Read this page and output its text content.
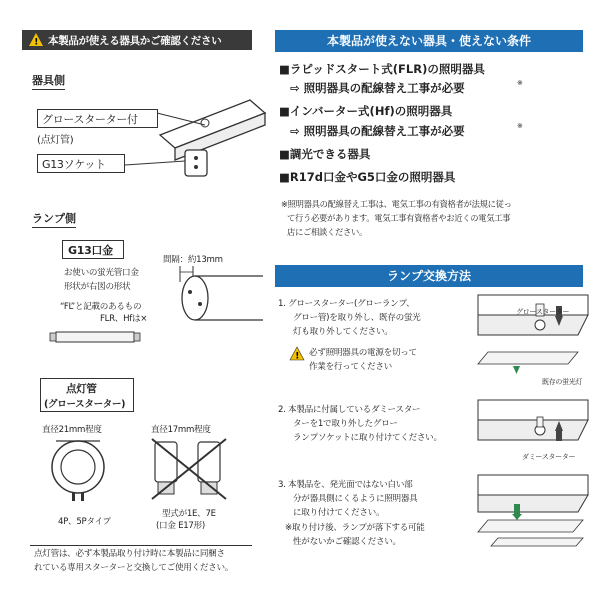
! 本製品が使える器具かご確認ください
器具側
グロースターター付
(点灯管)
G13ソケット
ランプ側
G13口金
お使いの蛍光管口金
形状が右図の形状
間隔：約13mm
“FL”と記載のあるもの
FLR、Hfは×
点灯管
(グロースターター)
直径21mm程度	直径17mm程度
4P、5Pタイプ
型式が1E、7E
(口金 E17形)
点灯管は、必ず本製品取り付け時に本製品に同梱さ
れている専用スターターと交換してご使用ください。
本製品が使えない器具・使えない条件
■ラピッドスタート式(FLR)の照明器具
⇨ 照明器具の配線替え工事が必要	※
■インバーター式(Hf)の照明器具
⇨ 照明器具の配線替え工事が必要	※
■調光できる器具
■R17d口金やG5口金の照明器具
※照明器具の配線替え工事は、電気工事の有資格者が法規に従っ
て行う必要があります。電気工事有資格者やお近くの電気工事
店にご相談ください。
ランプ交換方法
1. グロースターター(グローランプ、
グロー管)を取り外し、既存の蛍光
灯も取り外してください。
! 必ず照明器具の電源を切って
作業を行ってください
グロースターター
既存の蛍光灯
2. 本製品に付属しているダミースター
ターを1で取り外したグロー
ランプソケットに取り付けてください。
ダミースターター
3. 本製品を、発光面ではない白い部
分が器具側にくるように照明器具
に取り付けてください。
※取り付け後、ランプが落下する可能
性がないかご確認ください。
